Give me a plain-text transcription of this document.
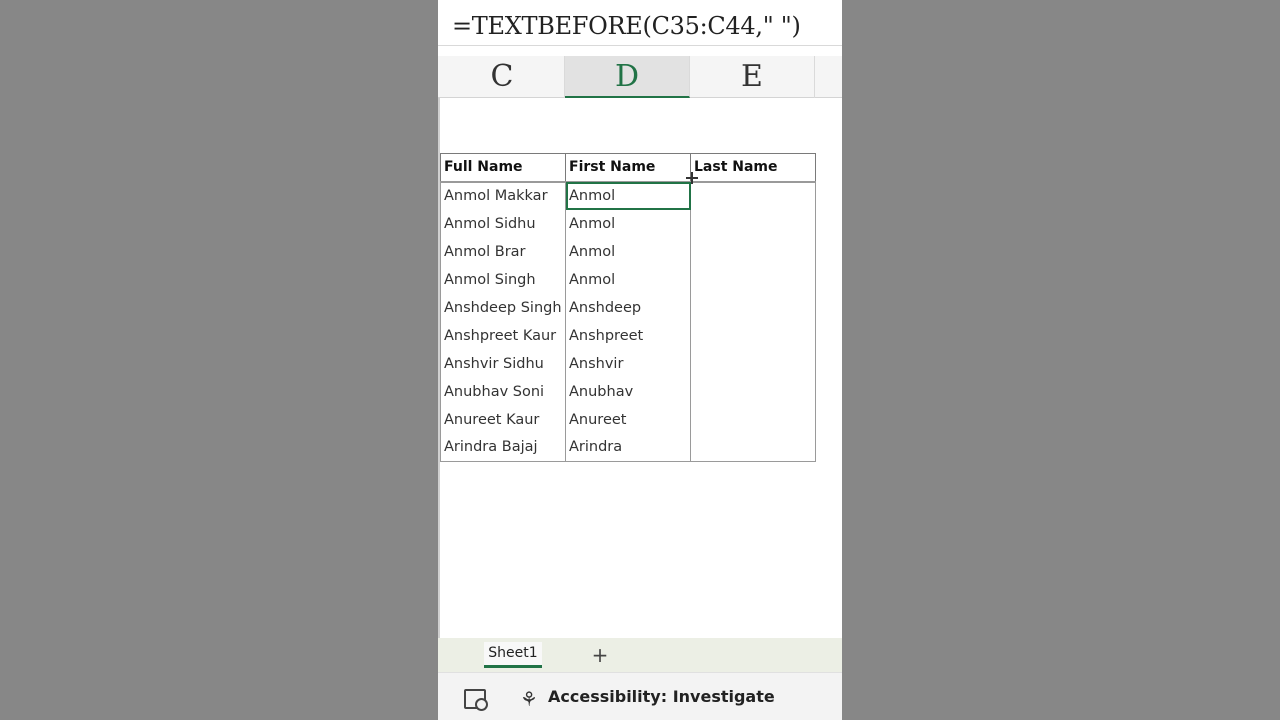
=TEXTBEFORE(C35:C44," ")
C	D	E
Full Name	First Name	Last Name
Anmol Makkar	Anmol	
Anmol Sidhu	Anmol	
Anmol Brar	Anmol	
Anmol Singh	Anmol	
Anshdeep Singh	Anshdeep	
Anshpreet Kaur	Anshpreet	
Anshvir Sidhu	Anshvir	
Anubhav Soni	Anubhav	
Anureet Kaur	Anureet	
Arindra Bajaj	Arindra	
Sheet1	+
⚘ Accessibility: Investigate
